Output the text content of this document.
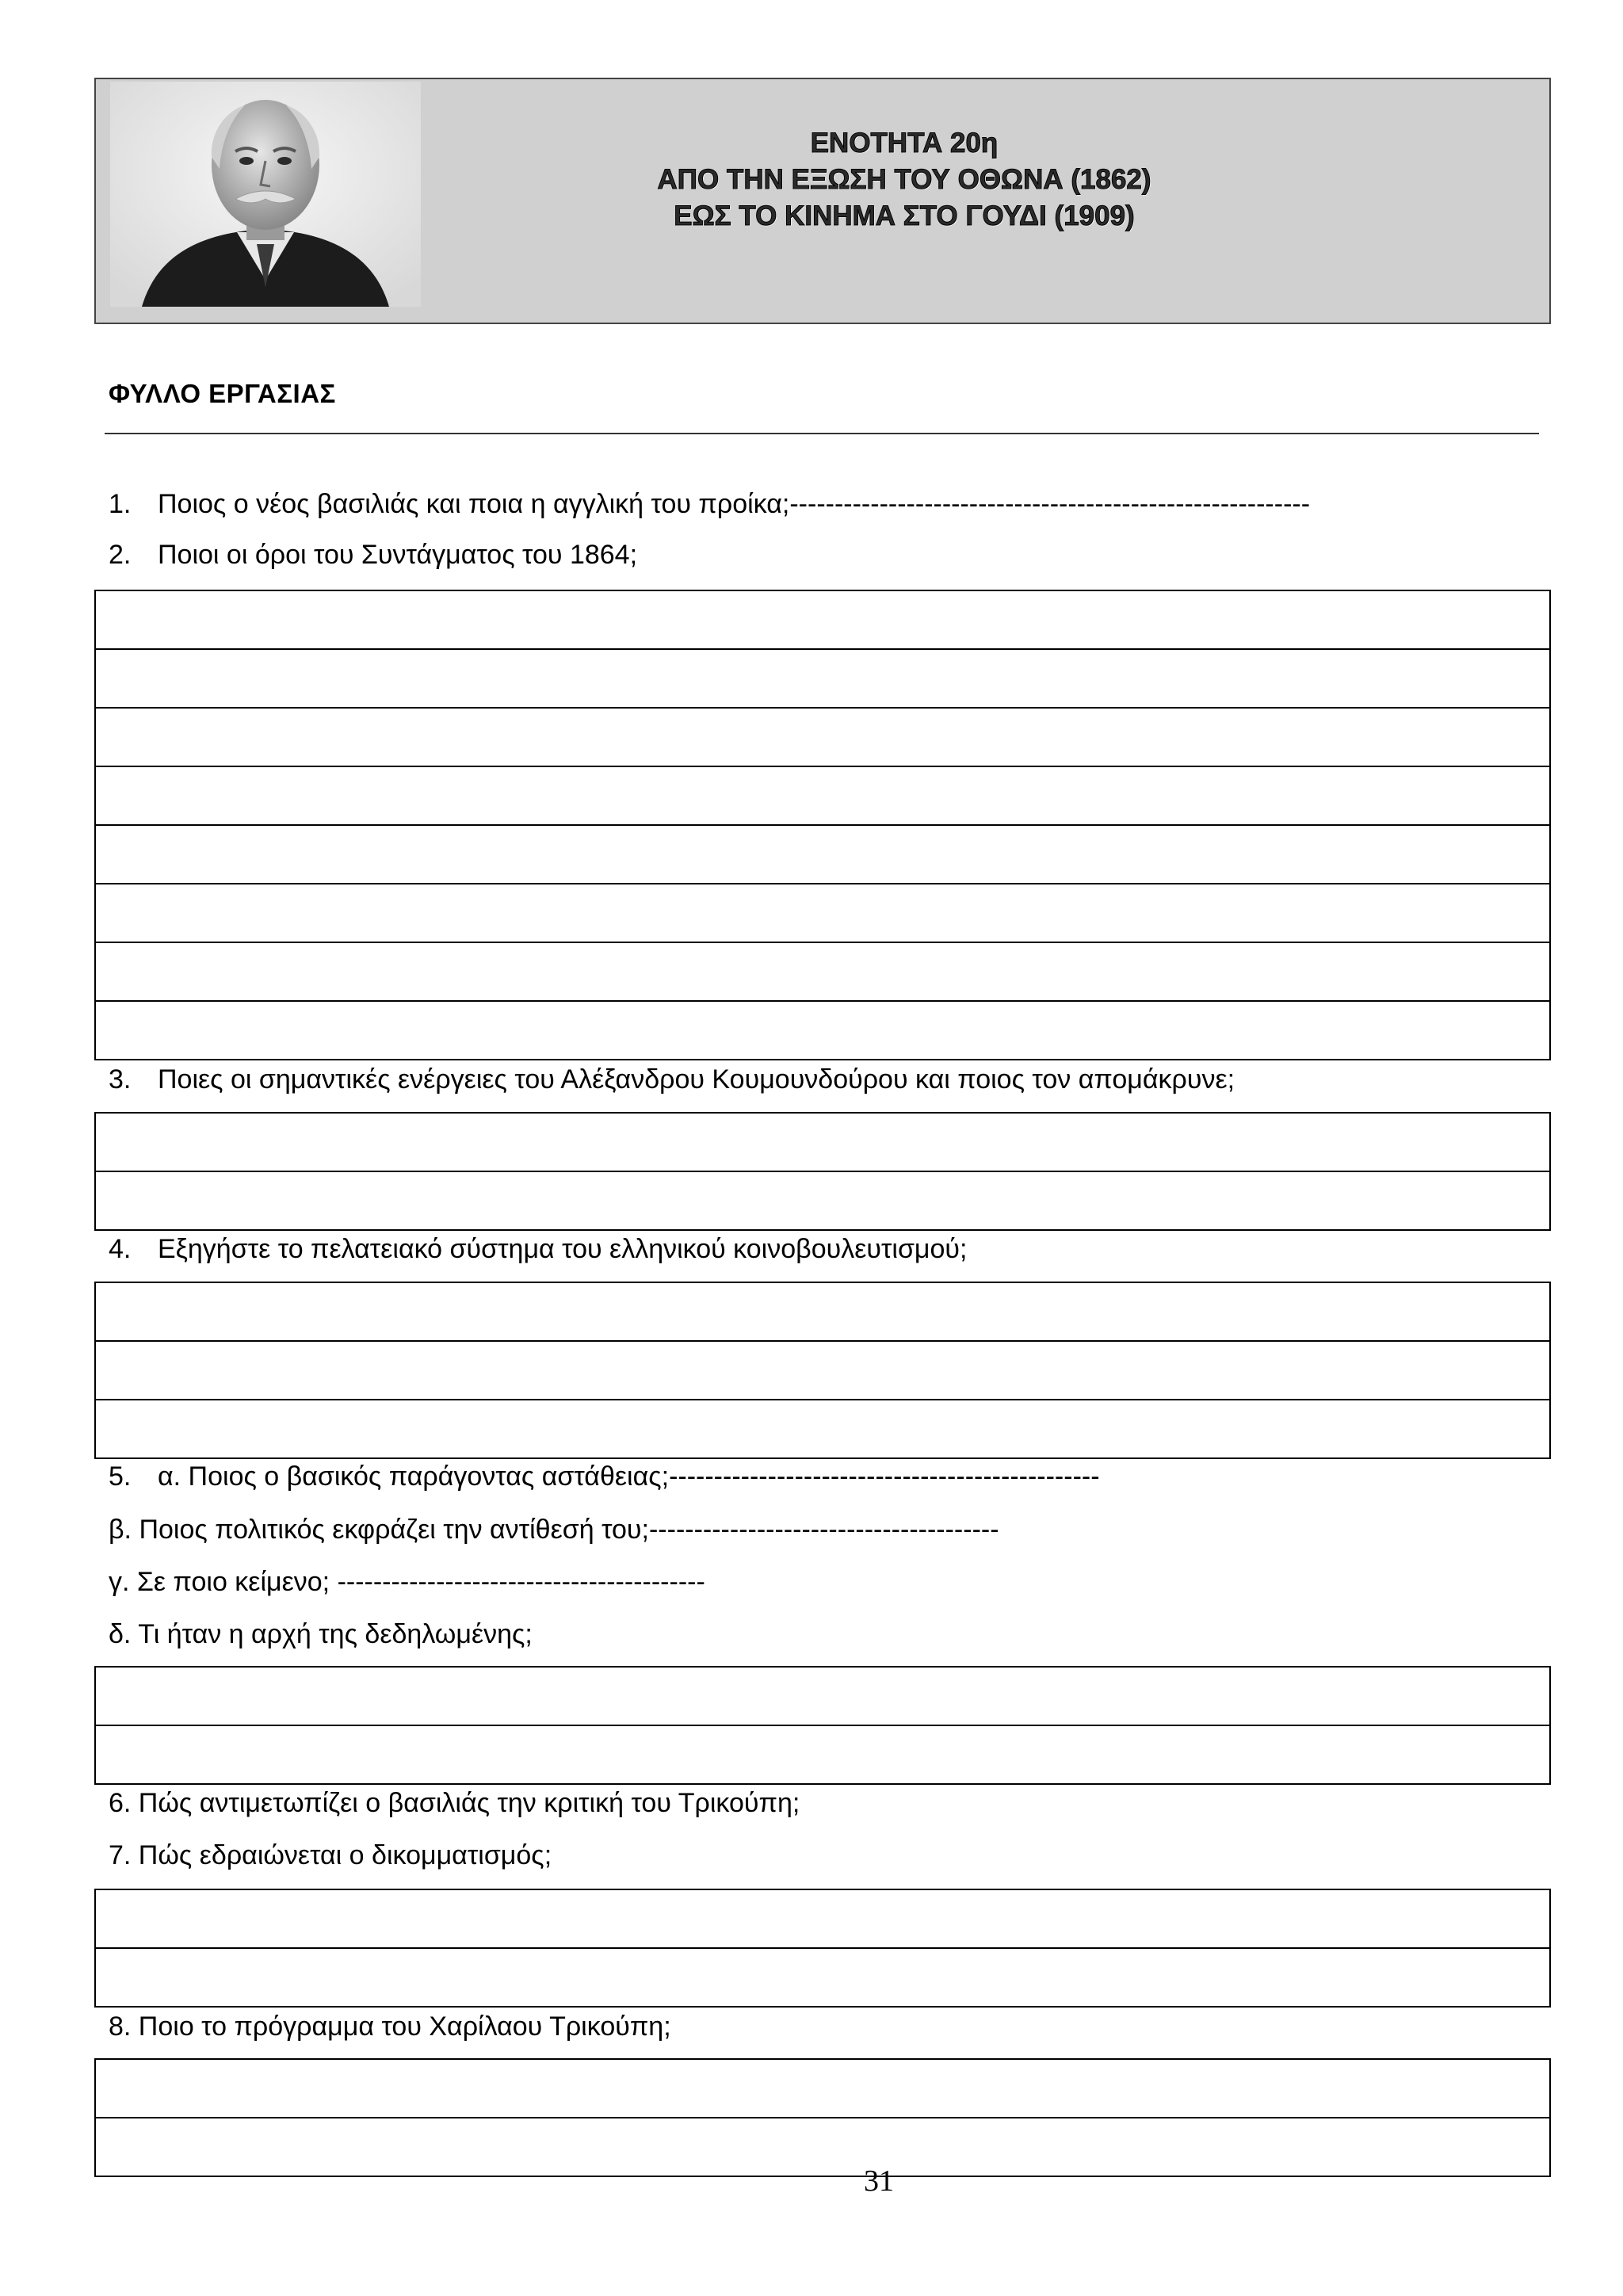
ΕΝΟΤΗΤΑ 20η
ΑΠΟ ΤΗΝ ΕΞΩΣΗ ΤΟΥ ΟΘΩΝΑ (1862)
ΕΩΣ ΤΟ ΚΙΝΗΜΑ ΣΤΟ ΓΟΥΔΙ (1909)
ΦΥΛΛΟ ΕΡΓΑΣΙΑΣ
1. Ποιος ο νέος βασιλιάς και ποια η αγγλική του προίκα;----------------------------------------------------------
2. Ποιοι οι όροι του Συντάγματος του 1864;
3. Ποιες οι σημαντικές ενέργειες του Αλέξανδρου Κουμουνδούρου και ποιος τον απομάκρυνε;
4. Εξηγήστε το πελατειακό σύστημα του ελληνικού κοινοβουλευτισμού;
5. α. Ποιος ο βασικός παράγοντας αστάθειας;------------------------------------------------
β. Ποιος πολιτικός εκφράζει την αντίθεσή του;---------------------------------------
γ. Σε ποιο κείμενο; -----------------------------------------
δ. Τι ήταν η αρχή της δεδηλωμένης;
6. Πώς αντιμετωπίζει ο βασιλιάς την κριτική του Τρικούπη;
7. Πώς εδραιώνεται ο δικομματισμός;
8. Ποιο το πρόγραμμα του Χαρίλαου Τρικούπη;
31
